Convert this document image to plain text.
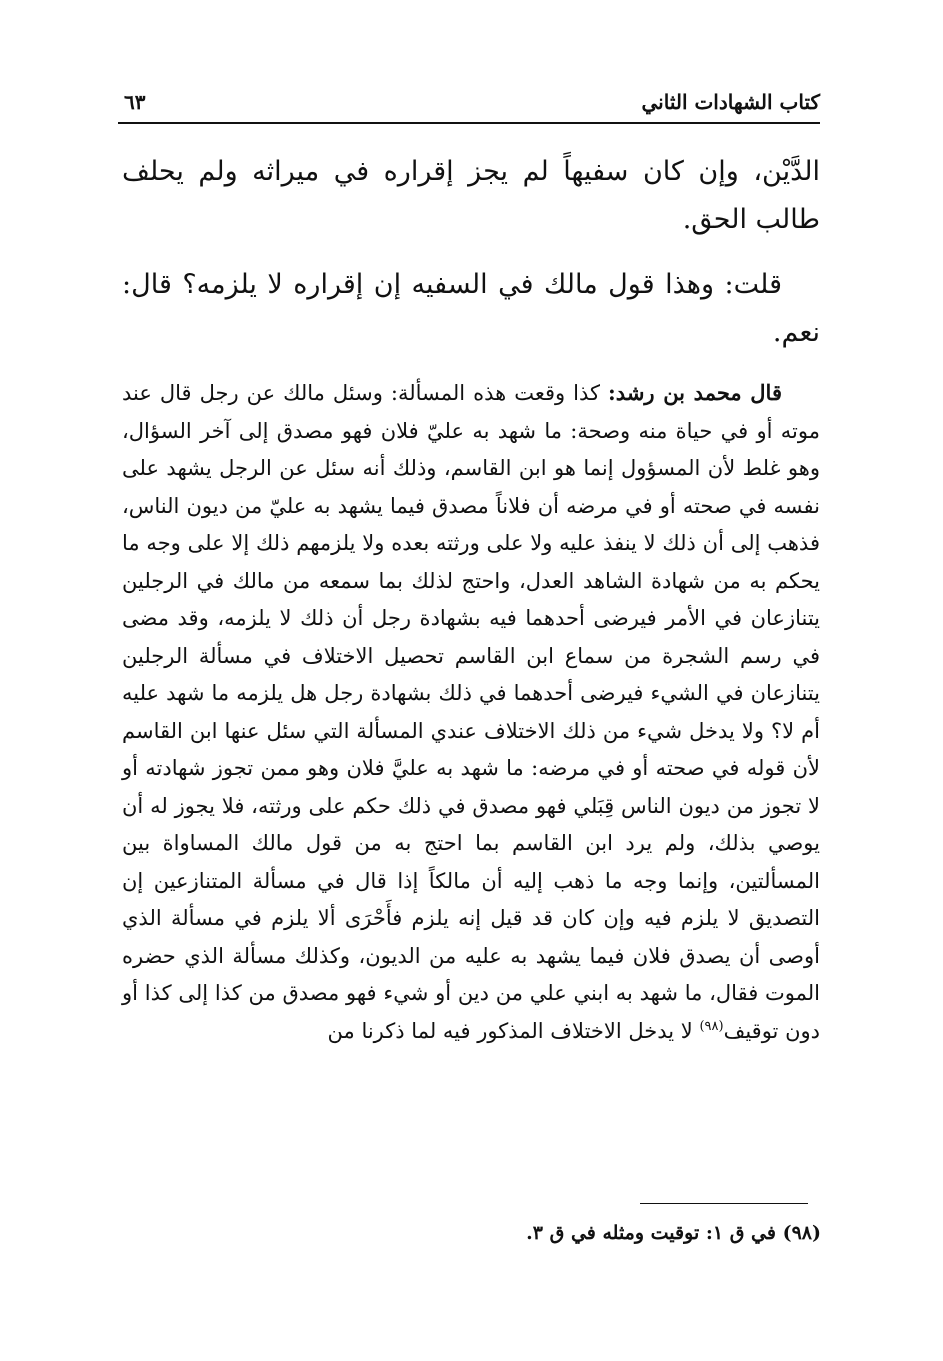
كتاب الشهادات الثاني
٦٣

الدَّيْن، وإن كان سفيهاً لم يجز إقراره في ميراثه ولم يحلف طالب الحق.

قلت: وهذا قول مالك في السفيه إن إقراره لا يلزمه؟ قال: نعم.

قال محمد بن رشد: كذا وقعت هذه المسألة: وسئل مالك عن رجل قال عند موته أو في حياة منه وصحة: ما شهد به عليّ فلان فهو مصدق إلى آخر السؤال، وهو غلط لأن المسؤول إنما هو ابن القاسم، وذلك أنه سئل عن الرجل يشهد على نفسه في صحته أو في مرضه أن فلاناً مصدق فيما يشهد به عليّ من ديون الناس، فذهب إلى أن ذلك لا ينفذ عليه ولا على ورثته بعده ولا يلزمهم ذلك إلا على وجه ما يحكم به من شهادة الشاهد العدل، واحتج لذلك بما سمعه من مالك في الرجلين يتنازعان في الأمر فيرضى أحدهما فيه بشهادة رجل أن ذلك لا يلزمه، وقد مضى في رسم الشجرة من سماع ابن القاسم تحصيل الاختلاف في مسألة الرجلين يتنازعان في الشيء فيرضى أحدهما في ذلك بشهادة رجل هل يلزمه ما شهد عليه أم لا؟ ولا يدخل شيء من ذلك الاختلاف عندي المسألة التي سئل عنها ابن القاسم لأن قوله في صحته أو في مرضه: ما شهد به عليَّ فلان وهو ممن تجوز شهادته أو لا تجوز من ديون الناس قِبَلي فهو مصدق في ذلك حكم على ورثته، فلا يجوز له أن يوصي بذلك، ولم يرد ابن القاسم بما احتج به من قول مالك المساواة بين المسألتين، وإنما وجه ما ذهب إليه أن مالكاً إذا قال في مسألة المتنازعين إن التصديق لا يلزم فيه وإن كان قد قيل إنه يلزم فأَحْرَى ألا يلزم في مسألة الذي أوصى أن يصدق فلان فيما يشهد به عليه من الديون، وكذلك مسألة الذي حضره الموت فقال، ما شهد به ابني علي من دين أو شيء فهو مصدق من كذا إلى كذا أو دون توقيف$^{(٩٨)}$ لا يدخل الاختلاف المذكور فيه لما ذكرنا من

(٩٨) في ق ١: توقيت ومثله في ق ٣.
